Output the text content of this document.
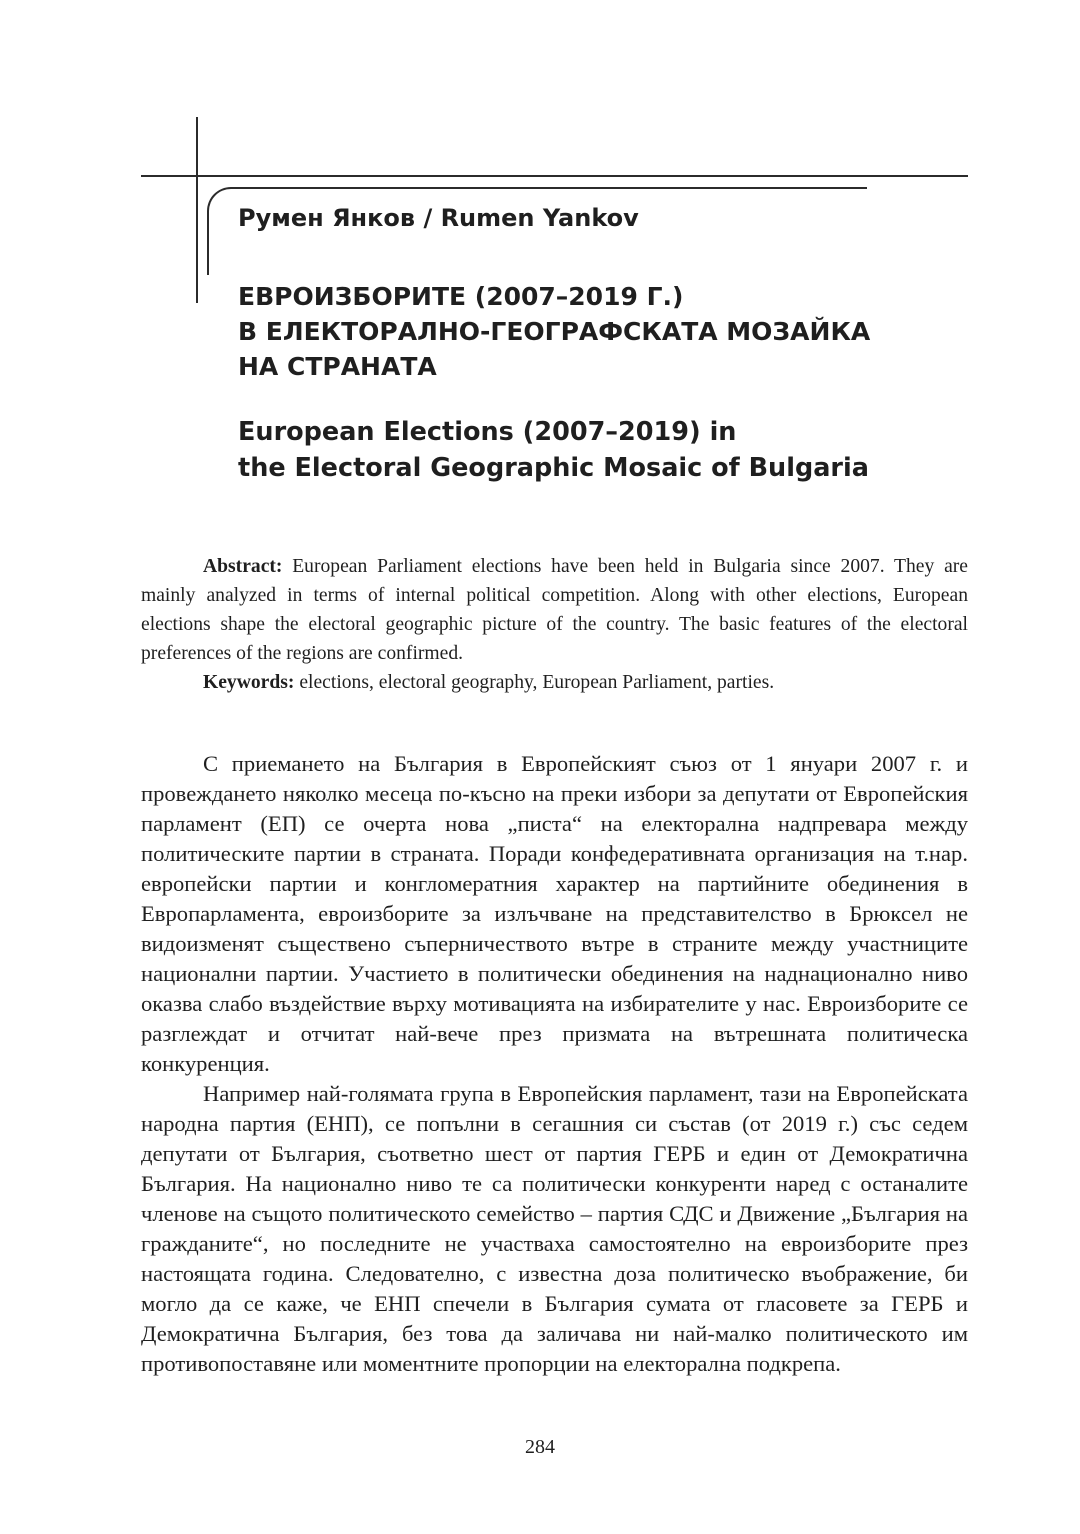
Румен Янков / Rumen Yankov
ЕВРОИЗБОРИТЕ (2007–2019 Г.)
В ЕЛЕКТОРАЛНО-ГЕОГРАФСКАТА МОЗАЙКА
НА СТРАНАТА
European Elections (2007–2019) in
the Electoral Geographic Mosaic of Bulgaria

Abstract: European Parliament elections have been held in Bulgaria since 2007. They are mainly analyzed in terms of internal political competition. Along with other elections, European elections shape the electoral geographic picture of the country. The basic features of the electoral preferences of the regions are confirmed.

Keywords: elections, electoral geography, European Parliament, parties.

С приемането на България в Европейският съюз от 1 януари 2007 г. и провеждането няколко месеца по-късно на преки избори за депутати от Европейския парламент (ЕП) се очерта нова „писта“ на електорална надпревара между политическите партии в страната. Поради конфедеративната организация на т.нар. европейски партии и конгломератния характер на партийните обединения в Европарламента, евроизборите за излъчване на представителство в Брюксел не видоизменят съществено съперничеството вътре в страните между участниците национални партии. Участието в политически обединения на наднационално ниво оказва слабо въздействие върху мотивацията на избирателите у нас. Евроизборите се разглеждат и отчитат най-вече през призмата на вътрешната политическа конкуренция.

Например най-голямата група в Европейския парламент, тази на Европейската народна партия (ЕНП), се попълни в сегашния си състав (от 2019 г.) със седем депутати от България, съответно шест от партия ГЕРБ и един от Демократична България. На национално ниво те са политически конкуренти наред с останалите членове на същото политическото семейство – партия СДС и Движение „България на гражданите“, но последните не участваха самостоятелно на евроизборите през настоящата година. Следователно, с известна доза политическо въображение, би могло да се каже, че ЕНП спечели в България сумата от гласовете за ГЕРБ и Демократична България, без това да заличава ни най-малко политическото им противопоставяне или моментните пропорции на електорална подкрепа.

284
